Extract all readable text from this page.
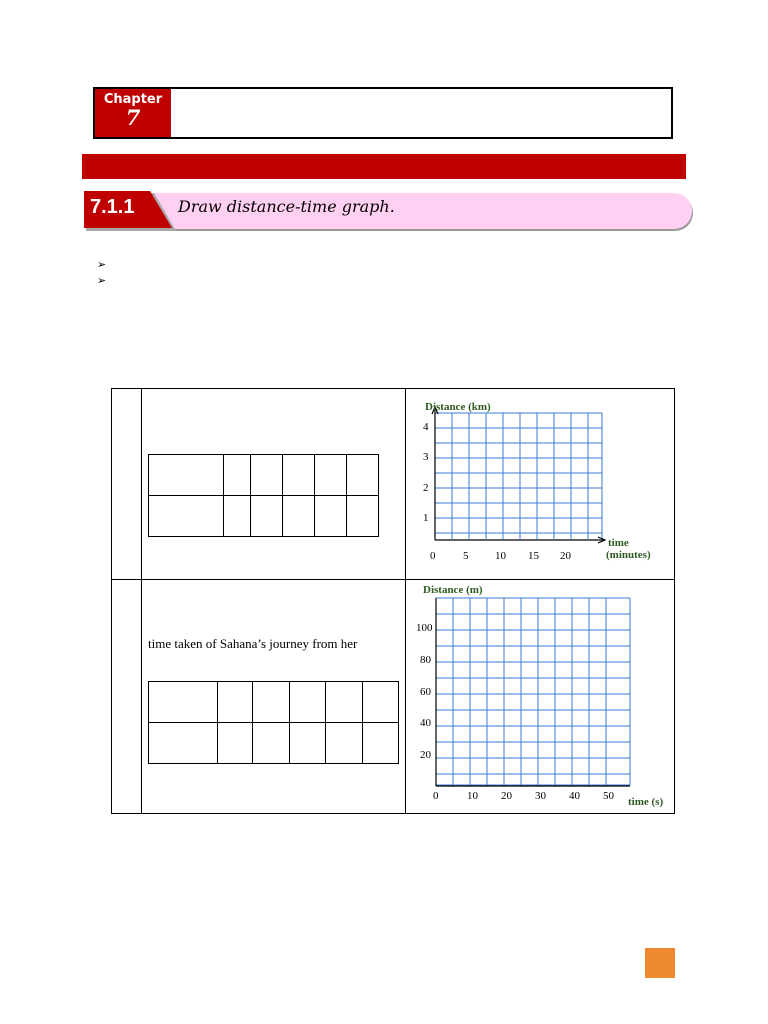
Chapter
7
7.1.1	Draw distance-time graph.
➢
➢

time taken of Sahana’s journey from her

Distance (km)
time
(minutes)
4
3
2
1
0	5 10 15 20
Distance (m)
time (s)
100
80
60
40
20
0	10 20 30 40 50
